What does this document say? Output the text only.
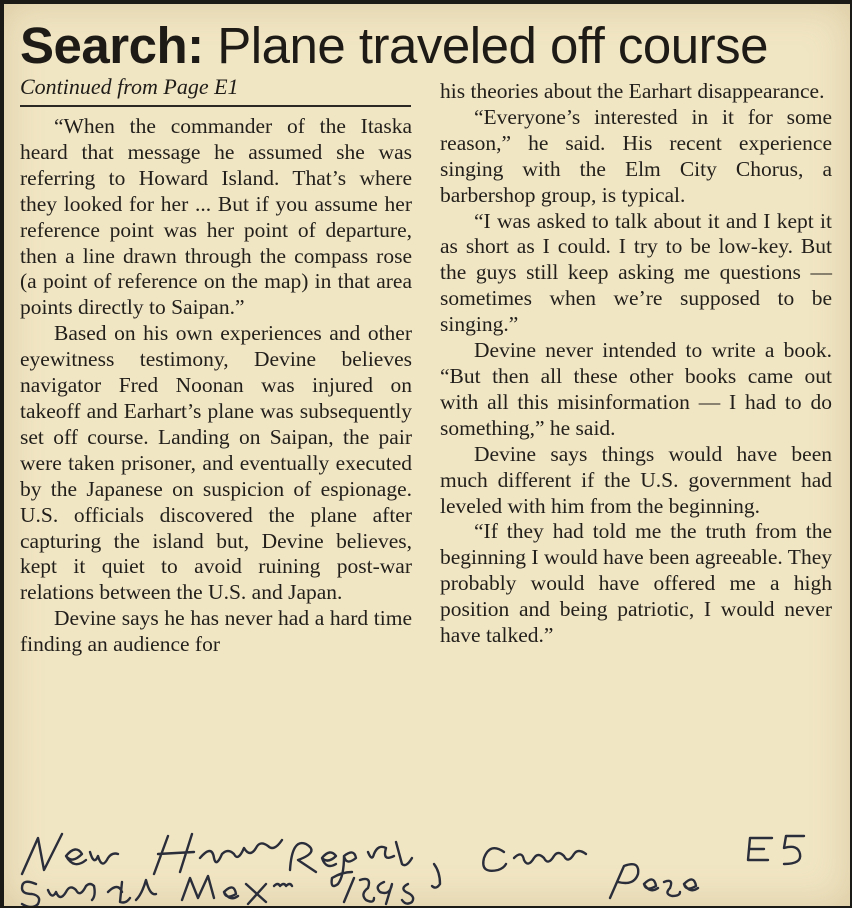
Search: Plane traveled off course
Continued from Page E1

“When the commander of the Itaska heard that message he assumed she was referring to Howard Island. That’s where they looked for her ... But if you assume her reference point was her point of departure, then a line drawn through the compass rose (a point of reference on the map) in that area points directly to Saipan.”

Based on his own experiences and other eyewitness testimony, Devine believes navigator Fred Noonan was injured on takeoff and Earhart’s plane was subsequently set off course. Landing on Saipan, the pair were taken prisoner, and eventually executed by the Japanese on suspicion of espionage. U.S. officials discovered the plane after capturing the island but, Devine believes, kept it quiet to avoid ruining post-war relations between the U.S. and Japan.

Devine says he has never had a hard time finding an audience for

his theories about the Earhart disappearance.

“Everyone’s interested in it for some reason,” he said. His recent experience singing with the Elm City Chorus, a barbershop group, is typical.

“I was asked to talk about it and I kept it as short as I could. I try to be low-key. But the guys still keep asking me questions — sometimes when we’re supposed to be singing.”

Devine never intended to write a book. “But then all these other books came out with all this misinformation — I had to do something,” he said.

Devine says things would have been much different if the U.S. government had leveled with him from the beginning.

“If they had told me the truth from the beginning I would have been agreeable. They probably would have offered me a high position and being patriotic, I would never have talked.”
